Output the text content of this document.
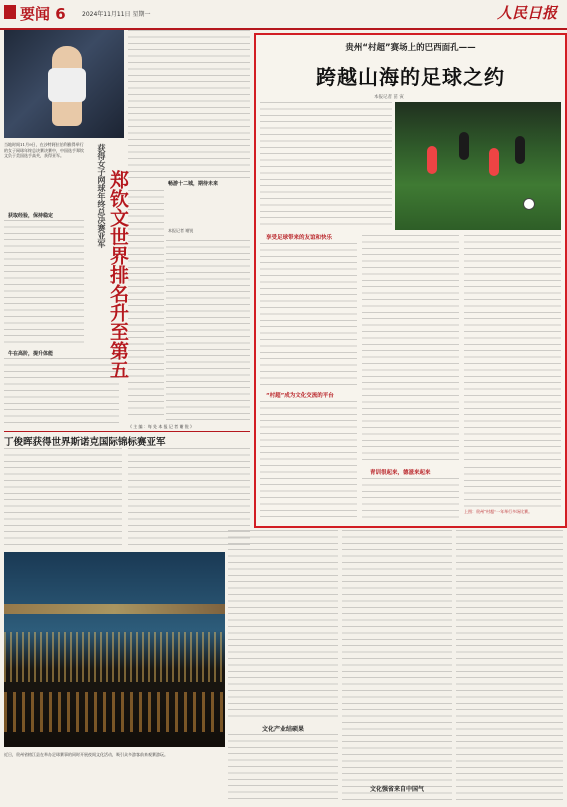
要闻 6	2024年11月11日 星期一	人民日报
当地时间11月9日，在沙特阿拉伯利雅得举行的女子网球年终总决赛决赛中，中国选手郑钦文负于美国选手高芙，获得亚军。	获得女子网球年终总决赛亚军 郑钦文世界排名升至第五
获取经验，保持稳定
牛在高阶，提升体能
畅游十二城，期待未来
本报记者 谢锐
《 主 编 ：每 处 本 报 记 者 谢 锐 》
丁俊晖获得世界斯诺克国际锦标赛亚军
近日，贵州省榕江县在举办足球赛事的同时开展夜间文化活动，吸引众多游客前来观赛游玩。
贵州“村超”赛场上的巴西面孔——
跨越山海的足球之约
本报记者 苗 寅
享受足球带来的友谊和快乐
“村超”成为文化交流的平台
青训很起来，德滋来起来
上图：贵州“村超”一年举行多场比赛。
文化产业结硕果
文化强省来自中国气
